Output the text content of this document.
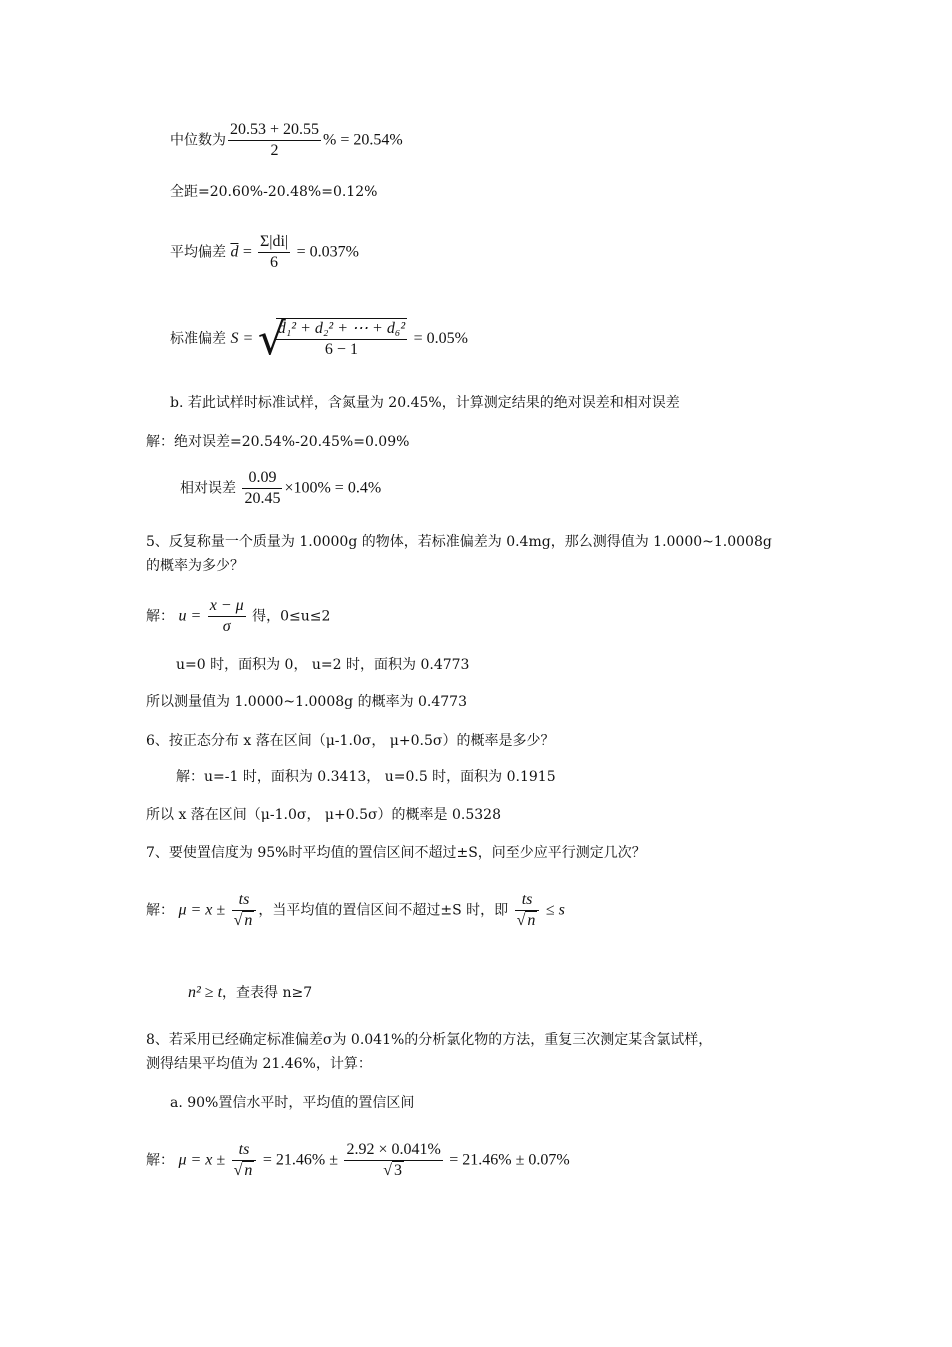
中位数为 $\frac{20.53 + 20.55}{2}$ % = 20.54%
全距=20.60%-20.48%=0.12%
平均偏差 $\overline{d} = \frac{\Sigma|di|}{6} = 0.037\%$
标准偏差 S = √
$\frac{\text{d₁² + d₂² + ⋯ + d₆²}}{6 - 1} = 0.05\%$
b. 若此试样时标准试样，含氮量为 20.45%，计算测定结果的绝对误差和相对误差
解：绝对误差=20.54%-20.45%=0.09%
相对误差 $\frac{0.09}{20.45} \times 100\% = 0.4\%$
5、反复称量一个质量为 1.0000g 的物体，若标准偏差为 0.4mg，那么测得值为 1.0000~1.0008g
的概率为多少？
解： $u = \frac{x - \mu}{\sigma}$ 得，0≤u≤2
u=0 时，面积为 0， u=2 时，面积为 0.4773
所以测量值为 1.0000~1.0008g 的概率为 0.4773
6、按正态分布 x 落在区间（μ-1.0σ， μ+0.5σ）的概率是多少？
解：u=-1 时，面积为 0.3413， u=0.5 时，面积为 0.1915
所以 x 落在区间（μ-1.0σ， μ+0.5σ）的概率是 0.5328
7、要使置信度为 95%时平均值的置信区间不超过±S，问至少应平行测定几次？
解： $\mu = x \pm \frac{ts}{√ n}$ ，当平均值的置信区间不超过±S 时，即 $\frac{ts}{√ n} \le s$
n² ≥ t，查表得 n≥7
8、若采用已经确定标准偏差σ为 0.041%的分析氯化物的方法，重复三次测定某含氯试样，
测得结果平均值为 21.46%，计算：
a. 90%置信水平时，平均值的置信区间
解： $\mu = x \pm \frac{ts}{√ n} = 21.46\% \pm \frac{2.92 \times 0.041\%}{√ 3} = 21.46\% \pm 0.07\%$
